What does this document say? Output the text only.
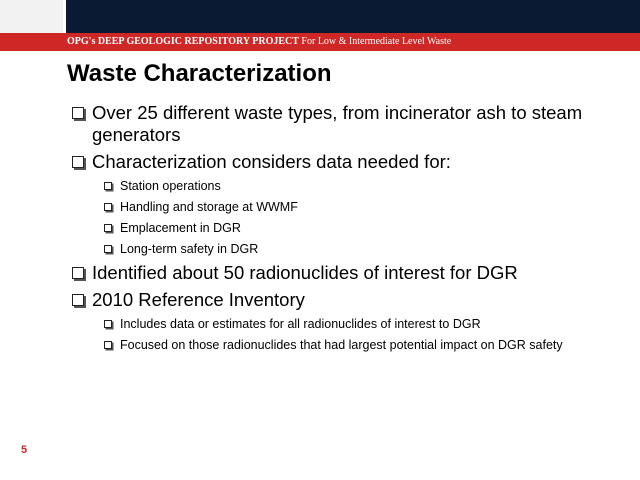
OPG's DEEP GEOLOGIC REPOSITORY PROJECT For Low & Intermediate Level Waste
Waste Characterization
Over 25 different waste types, from incinerator ash to steam generators
Characterization considers data needed for:
Station operations
Handling and storage at WWMF
Emplacement in DGR
Long-term safety in DGR
Identified about 50 radionuclides of interest for DGR
2010 Reference Inventory
Includes data or estimates for all radionuclides of interest to DGR
Focused on those radionuclides that had largest potential impact on DGR safety
5
